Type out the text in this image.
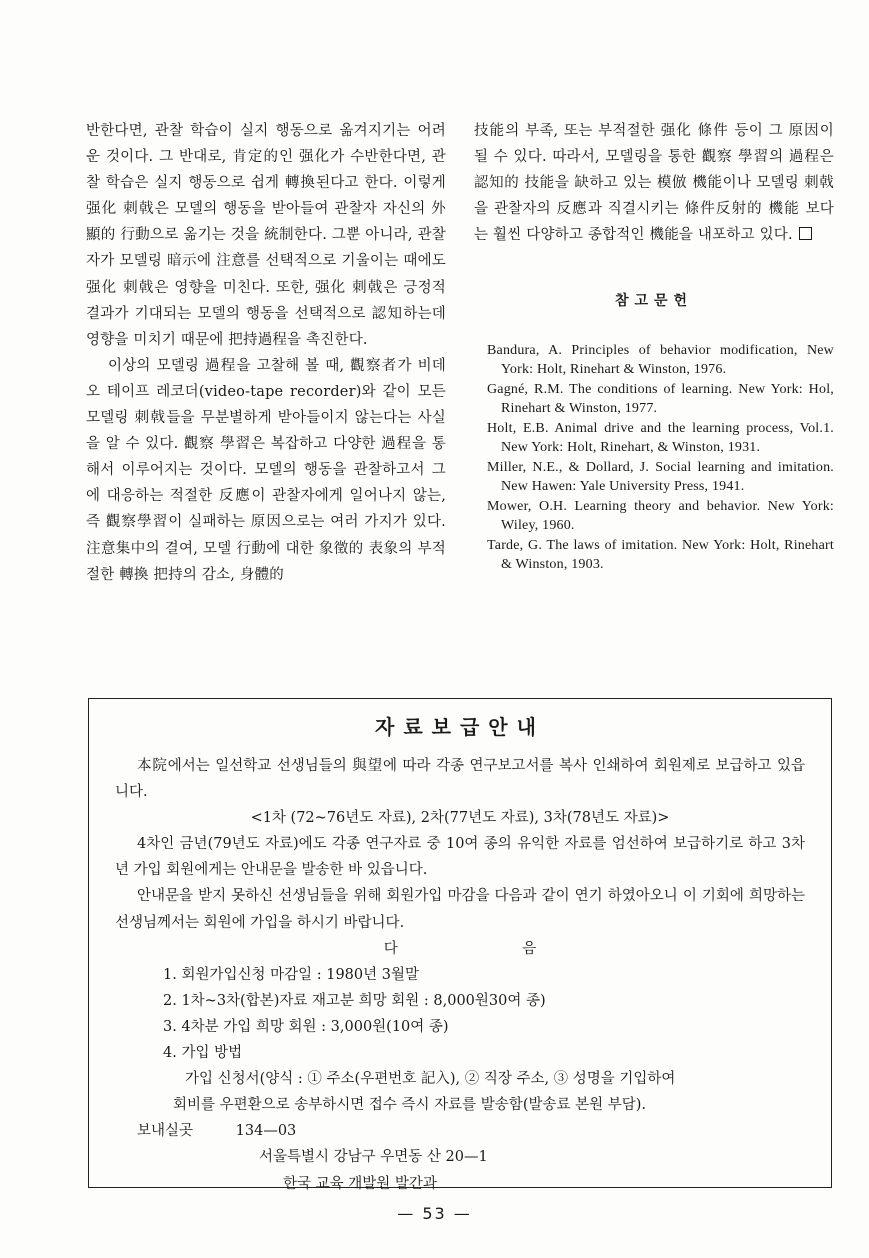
반한다면, 관찰 학습이 실지 행동으로 옮겨지기는 어려운 것이다. 그 반대로, 肯定的인 强化가 수반한다면, 관찰 학습은 실지 행동으로 쉽게 轉換된다고 한다. 이렇게 强化 刺戟은 모델의 행동을 받아들여 관찰자 자신의 外顯的 行動으로 옮기는 것을 統制한다. 그뿐 아니라, 관찰자가 모델링 暗示에 注意를 선택적으로 기울이는 때에도 强化 刺戟은 영향을 미친다. 또한, 强化 刺戟은 긍정적 결과가 기대되는 모델의 행동을 선택적으로 認知하는데 영향을 미치기 때문에 把持過程을 촉진한다.

이상의 모델링 過程을 고찰해 볼 때, 觀察者가 비데오 테이프 레코더(video-tape recorder)와 같이 모든 모델링 刺戟들을 무분별하게 받아들이지 않는다는 사실을 알 수 있다. 觀察 學習은 복잡하고 다양한 過程을 통해서 이루어지는 것이다. 모델의 행동을 관찰하고서 그에 대응하는 적절한 反應이 관찰자에게 일어나지 않는, 즉 觀察學習이 실패하는 原因으로는 여러 가지가 있다. 注意集中의 결여, 모델 行動에 대한 象徵的 表象의 부적절한 轉換 把持의 감소, 身體的

技能의 부족, 또는 부적절한 强化 條件 등이 그 原因이 될 수 있다. 따라서, 모델링을 통한 觀察 學習의 過程은 認知的 技能을 缺하고 있는 模倣 機能이나 모델링 刺戟을 관찰자의 反應과 직결시키는 條件反射的 機能 보다는 훨씬 다양하고 종합적인 機能을 내포하고 있다.

참고문헌
Bandura, A. Principles of behavior modification, New York: Holt, Rinehart & Winston, 1976.
Gagné, R.M. The conditions of learning. New York: Hol, Rinehart & Winston, 1977.
Holt, E.B. Animal drive and the learning process, Vol.1. New York: Holt, Rinehart, & Winston, 1931.
Miller, N.E., & Dollard, J. Social learning and imitation. New Hawen: Yale University Press, 1941.
Mower, O.H. Learning theory and behavior. New York: Wiley, 1960.
Tarde, G. The laws of imitation. New York: Holt, Rinehart & Winston, 1903.
자료보급안내

本院에서는 일선학교 선생님들의 與望에 따라 각종 연구보고서를 복사 인쇄하여 회원제로 보급하고 있읍니다.

<1차 (72~76년도 자료), 2차(77년도 자료), 3차(78년도 자료)>

4차인 금년(79년도 자료)에도 각종 연구자료 중 10여 종의 유익한 자료를 엄선하여 보급하기로 하고 3차년 가입 회원에게는 안내문을 발송한 바 있읍니다.

안내문을 받지 못하신 선생님들을 위해 회원가입 마감을 다음과 같이 연기 하였아오니 이 기회에 희망하는 선생님께서는 회원에 가입을 하시기 바랍니다.

다 음

1. 회원가입신청 마감일 : 1980년 3월말
2. 1차~3차(합본)자료 재고분 희망 회원 : 8,000원30여 종)
3. 4차분 가입 희망 회원 : 3,000원(10여 종)
4. 가입 방법

가입 신청서(양식 : ① 주소(우편번호 記入), ② 직장 주소, ③ 성명을 기입하여

회비를 우편환으로 송부하시면 접수 즉시 자료를 발송함(발송료 본원 부담).

보내실곳	134—03

서울특별시 강남구 우면동 산 20—1

한국 교육 개발원 발간과

— 53 —
